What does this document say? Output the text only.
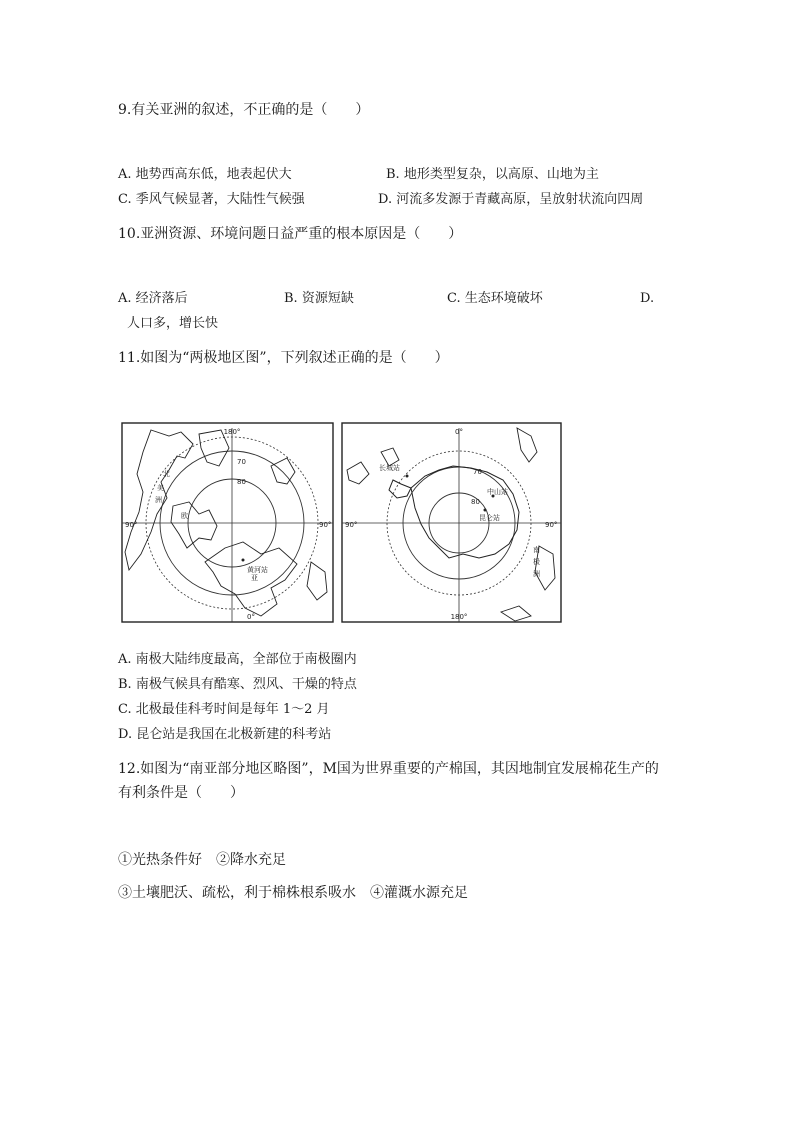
9.有关亚洲的叙述，不正确的是（　　）
A. 地势西高东低，地表起伏大	B. 地形类型复杂，以高原、山地为主
C. 季风气候显著，大陆性气候强	D. 河流多发源于青藏高原，呈放射状流向四周
10.亚洲资源、环境问题日益严重的根本原因是（　　）
A. 经济落后	B. 资源短缺	C. 生态环境破坏	D.
人口多，增长快
11.如图为“两极地区图”，下列叙述正确的是（　　）
180°
0°
90°	90°
70
80
黄河站
北
美
洲
欧
亚
0°
180°
90°	90°
70
80
长城站
中山站
昆仑站
南
极
洲
A. 南极大陆纬度最高，全部位于南极圈内
B. 南极气候具有酷寒、烈风、干燥的特点
C. 北极最佳科考时间是每年 1～2 月
D. 昆仑站是我国在北极新建的科考站
12.如图为“南亚部分地区略图”，M国为世界重要的产棉国，其因地制宜发展棉花生产的
有利条件是（　　）
①光热条件好　②降水充足
③土壤肥沃、疏松，利于棉株根系吸水　④灌溉水源充足
